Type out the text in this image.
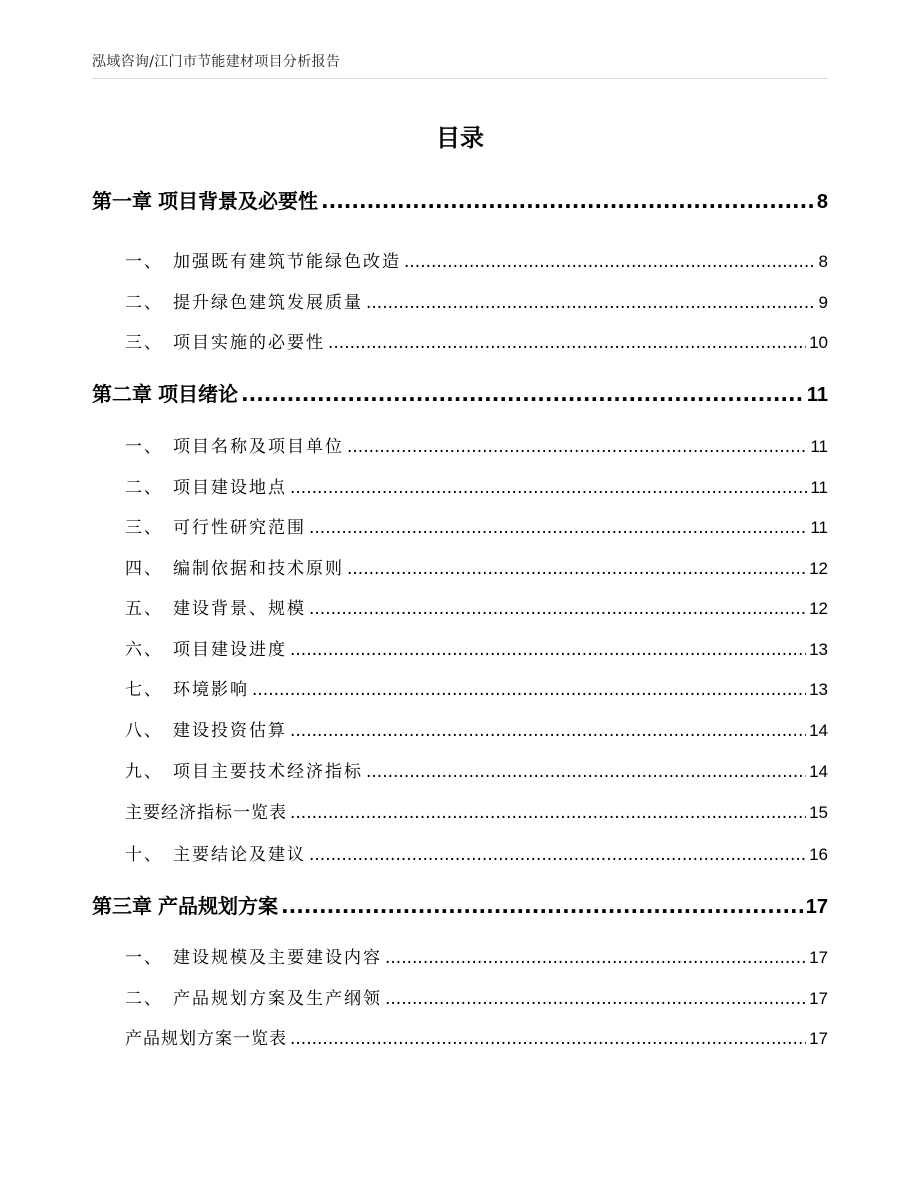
泓域咨询/江门市节能建材项目分析报告
目录
第一章 项目背景及必要性 .....	8
一、 加强既有建筑节能绿色改造 .....	8
二、 提升绿色建筑发展质量 .....	9
三、 项目实施的必要性 .....	10
第二章 项目绪论 .....	11
一、 项目名称及项目单位 .....	11
二、 项目建设地点 .....	11
三、 可行性研究范围 .....	11
四、 编制依据和技术原则 .....	12
五、 建设背景、规模 .....	12
六、 项目建设进度 .....	13
七、 环境影响 .....	13
八、 建设投资估算 .....	14
九、 项目主要技术经济指标 .....	14
主要经济指标一览表 .....	15
十、 主要结论及建议 .....	16
第三章 产品规划方案 .....	17
一、 建设规模及主要建设内容 .....	17
二、 产品规划方案及生产纲领 .....	17
产品规划方案一览表 .....	17
